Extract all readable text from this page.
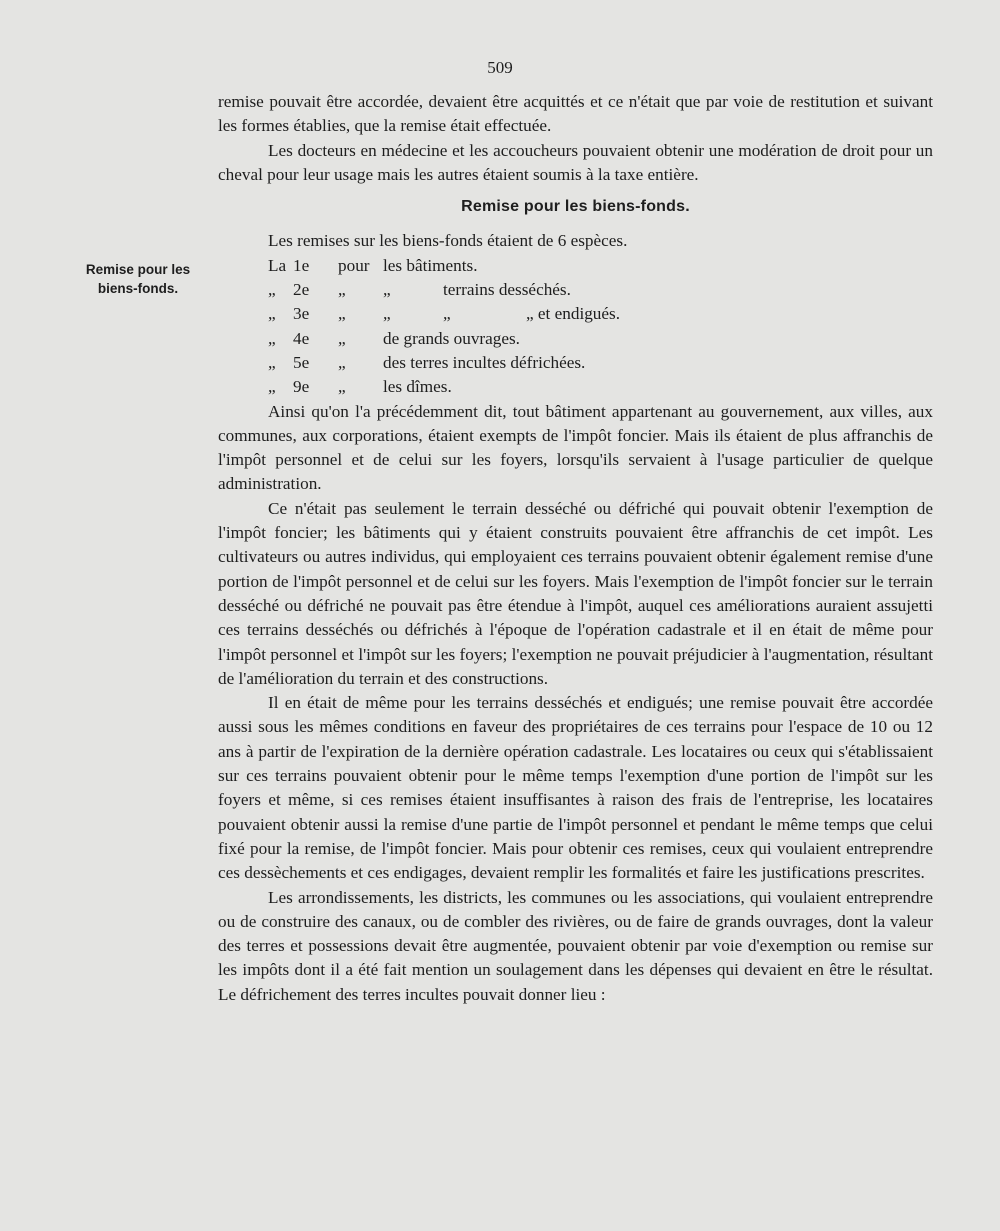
509
Remise pour les biens-fonds.

remise pouvait être accordée, devaient être acquittés et ce n'était que par voie de restitution et suivant les formes établies, que la remise était effectuée.

Les docteurs en médecine et les accoucheurs pouvaient obtenir une modération de droit pour un cheval pour leur usage mais les autres étaient soumis à la taxe entière.

Remise pour les biens-fonds.

Les remises sur les biens-fonds étaient de 6 espèces.

La 1e pour les bâtiments.
„ 2e „ „	terrains desséchés.
„ 3e „ „	„	„ et endigués.
„ 4e „ de grands ouvrages.
„ 5e „ des terres incultes défrichées.
„ 9e „ les dîmes.

Ainsi qu'on l'a précédemment dit, tout bâtiment appartenant au gouvernement, aux villes, aux communes, aux corporations, étaient exempts de l'impôt foncier. Mais ils étaient de plus affranchis de l'impôt personnel et de celui sur les foyers, lorsqu'ils servaient à l'usage particulier de quelque administration.

Ce n'était pas seulement le terrain desséché ou défriché qui pouvait obtenir l'exemption de l'impôt foncier; les bâtiments qui y étaient construits pouvaient être affranchis de cet impôt. Les cultivateurs ou autres individus, qui employaient ces terrains pouvaient obtenir également remise d'une portion de l'impôt personnel et de celui sur les foyers. Mais l'exemption de l'impôt foncier sur le terrain desséché ou défriché ne pouvait pas être étendue à l'impôt, auquel ces améliorations auraient assujetti ces terrains desséchés ou défrichés à l'époque de l'opération cadastrale et il en était de même pour l'impôt personnel et l'impôt sur les foyers; l'exemption ne pouvait préjudicier à l'augmentation, résultant de l'amélioration du terrain et des constructions.

Il en était de même pour les terrains desséchés et endigués; une remise pouvait être accordée aussi sous les mêmes conditions en faveur des propriétaires de ces terrains pour l'espace de 10 ou 12 ans à partir de l'expiration de la dernière opération cadastrale. Les locataires ou ceux qui s'établissaient sur ces terrains pouvaient obtenir pour le même temps l'exemption d'une portion de l'impôt sur les foyers et même, si ces remises étaient insuffisantes à raison des frais de l'entreprise, les locataires pouvaient obtenir aussi la remise d'une partie de l'impôt personnel et pendant le même temps que celui fixé pour la remise, de l'impôt foncier. Mais pour obtenir ces remises, ceux qui voulaient entreprendre ces dessèchements et ces endigages, devaient remplir les formalités et faire les justifications prescrites.

Les arrondissements, les districts, les communes ou les associations, qui voulaient entreprendre ou de construire des canaux, ou de combler des rivières, ou de faire de grands ouvrages, dont la valeur des terres et possessions devait être augmentée, pouvaient obtenir par voie d'exemption ou remise sur les impôts dont il a été fait mention un soulagement dans les dépenses qui devaient en être le résultat. Le défrichement des terres incultes pouvait donner lieu :
